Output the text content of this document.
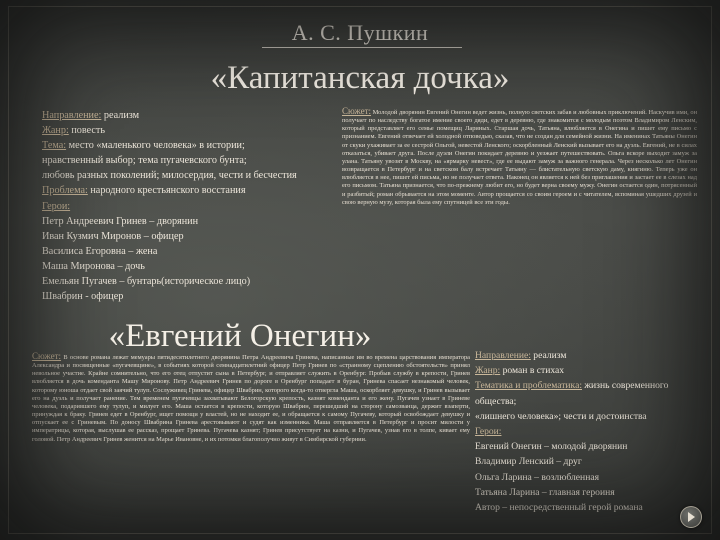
А. С. Пушкин
«Капитанская дочка»
Направление: реализм
Жанр: повесть
Тема: место «маленького человека» в истории;
нравственный выбор; тема пугачевского бунта;
любовь разных поколений; милосердия, чести и бесчестия
Проблема: народного крестьянского восстания
Герои:
Петр Андреевич Гринев – дворянин
Иван Кузмич Миронов – офицер
Василиса Егоровна – жена
Маша Миронова – дочь
Емельян Пугачев – бунтарь(историческое лицо)
Швабрин - офицер
Сюжет: Молодой дворянин Евгений Онегин ведет жизнь, полную светских забав и любовных приключений. Наскучив ими, он получает по наследству богатое имение своего дяди, едет в деревню, где знакомится с молодым поэтом Владимиром Ленским, который представляет его семье помещиц Лариных. Старшая дочь, Татьяна, влюбляется в Онегина и пишет ему письмо с признанием. Евгений отвечает ей холодной отповедью, сказав, что не создан для семейной жизни. На именинах Татьяны Онегин от скуки ухаживает за ее сестрой Ольгой, невестой Ленского; оскорбленный Ленский вызывает его на дуэль. Евгений, не в силах отказаться, убивает друга. После дуэли Онегин покидает деревню и уезжает путешествовать. Ольга вскоре выходит замуж за улана. Татьяну увозят в Москву, на «ярмарку невест», где ее выдают замуж за важного генерала. Через несколько лет Онегин возвращается в Петербург и на светском балу встречает Татьяну — блистательную светскую даму, княгиню. Теперь уже он влюбляется в нее, пишет ей письма, но не получает ответа. Наконец он является к ней без приглашения и застает ее в слезах над его письмом. Татьяна признается, что по-прежнему любит его, но будет верна своему мужу. Онегин остается один, потрясенный и разбитый; роман обрывается на этом моменте. Автор прощается со своим героем и с читателем, вспоминая ушедших друзей и свою верную музу, которая была ему спутницей все эти годы.
«Евгений Онегин»
Сюжет: В основе романа лежат мемуары пятидесятилетнего дворянина Петра Андреевича Гринева, написанные им во времена царствования императора Александра и посвященные «пугачевщине», в событиях которой семнадцатилетний офицер Петр Гринев по «странному сцеплению обстоятельств» принял невольное участие. Крайне сомнительно, что его отец отпустит сына в Петербург, и отправляет служить в Оренбург. Пробыв службу в крепости, Гринев влюбляется в дочь коменданта Машу Миронову. Петр Андреевич Гринев по дороге в Оренбург попадает в буран, Гринева спасает незнакомый человек, которому юноша отдает свой заячий тулуп. Сослуживец Гринева, офицер Швабрин, которого когда-то отвергла Маша, оскорбляет девушку, и Гринев вызывает его на дуэль и получает ранение. Тем временем пугачевцы захватывают Белогорскую крепость, казнят коменданта и его жену. Пугачев узнает в Гриневе человека, подарившего ему тулуп, и милует его. Маша остается в крепости, которую Швабрин, перешедший на сторону самозванца, держит взаперти, принуждая к браку. Гринев едет в Оренбург, ищет помощи у властей, но не находит ее, и обращается к самому Пугачеву, который освобождает девушку и отпускает ее с Гриневым. По доносу Швабрина Гринева арестовывают и судят как изменника. Маша отправляется в Петербург и просит милости у императрицы, которая, выслушав ее рассказ, прощает Гринева. Пугачева казнят; Гринев присутствует на казни, и Пугачев, узнав его в толпе, кивает ему головой. Петр Андреевич Гринев женится на Марье Ивановне, и их потомки благополучно живут в Симбирской губернии.
Направление: реализм
Жанр: роман в стихах
Тематика и проблематика: жизнь современного
общества;
«лишнего человека»; чести и достоинства
Герои:
Евгений Онегин – молодой дворянин
Владимир Ленский – друг
Ольга Ларина – возлюбленная
Татьяна Ларина – главная героиня
Автор – непосредственный герой романа
